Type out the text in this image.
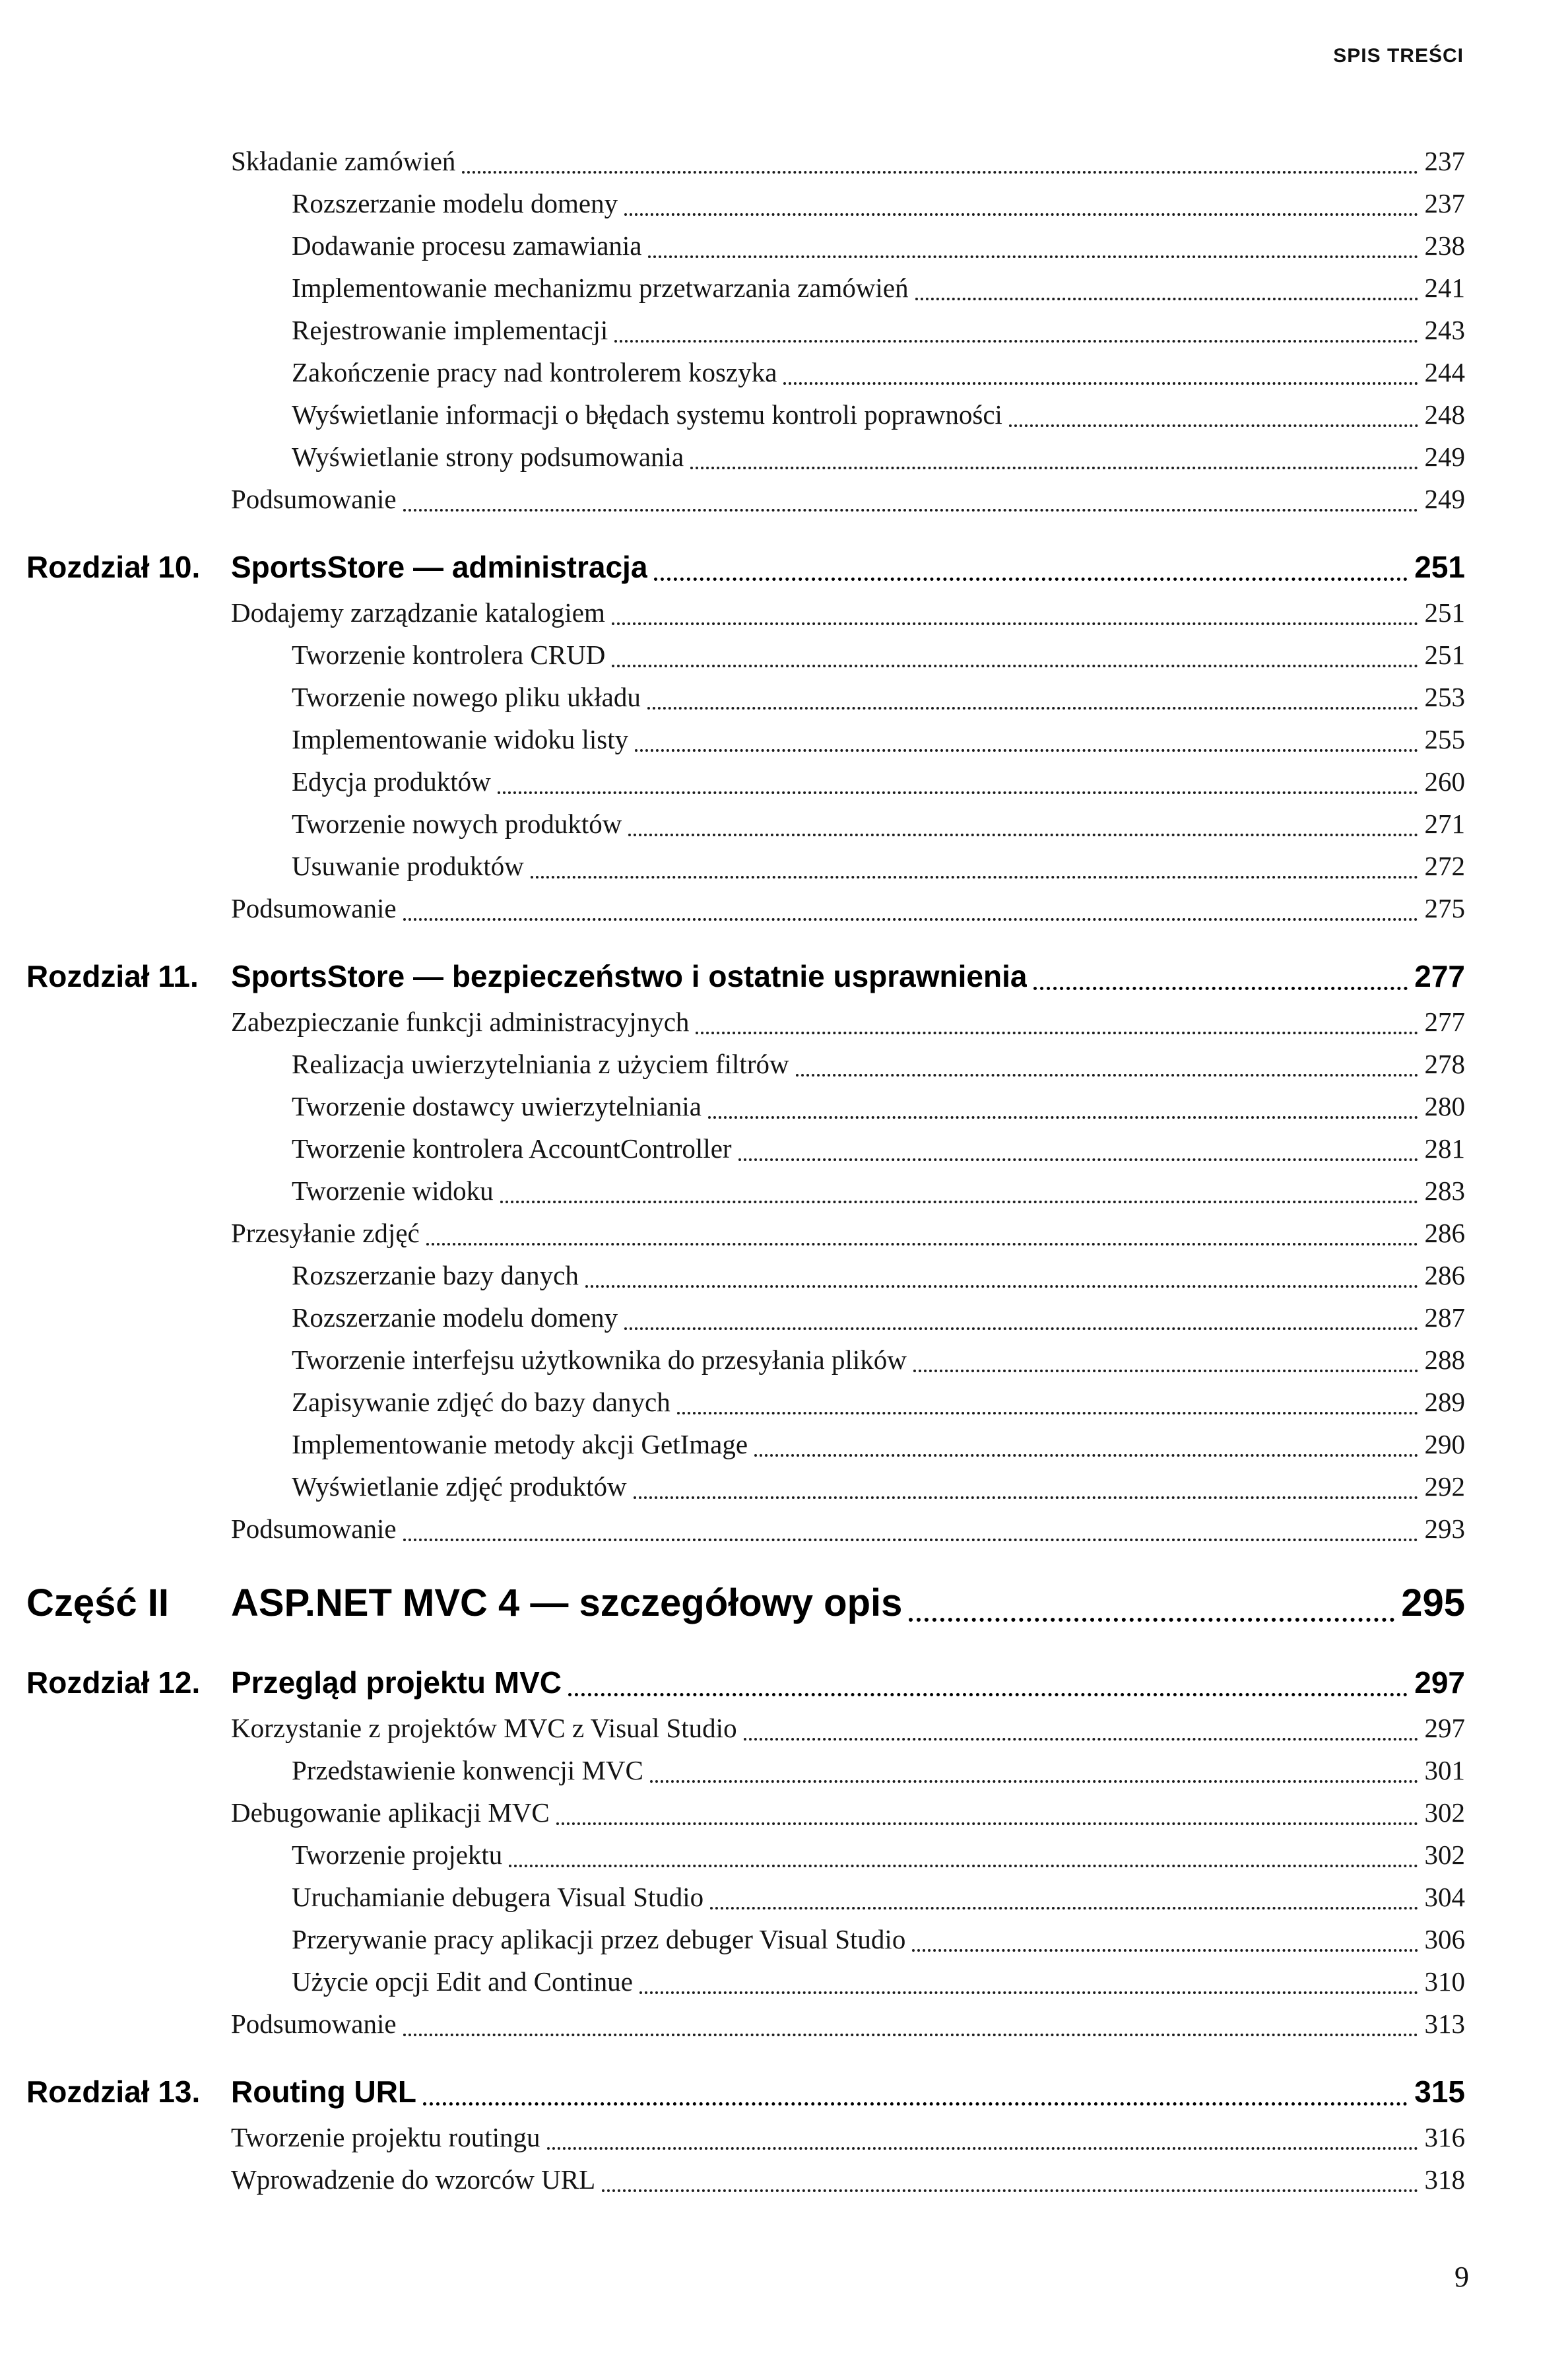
SPIS TREŚCI
Składanie zamówień	237
Rozszerzanie modelu domeny	237
Dodawanie procesu zamawiania	238
Implementowanie mechanizmu przetwarzania zamówień	241
Rejestrowanie implementacji	243
Zakończenie pracy nad kontrolerem koszyka	244
Wyświetlanie informacji o błędach systemu kontroli poprawności	248
Wyświetlanie strony podsumowania	249
Podsumowanie	249
Rozdział 10.	SportsStore — administracja	251
Dodajemy zarządzanie katalogiem	251
Tworzenie kontrolera CRUD	251
Tworzenie nowego pliku układu	253
Implementowanie widoku listy	255
Edycja produktów	260
Tworzenie nowych produktów	271
Usuwanie produktów	272
Podsumowanie	275
Rozdział 11.	SportsStore — bezpieczeństwo i ostatnie usprawnienia	277
Zabezpieczanie funkcji administracyjnych	277
Realizacja uwierzytelniania z użyciem filtrów	278
Tworzenie dostawcy uwierzytelniania	280
Tworzenie kontrolera AccountController	281
Tworzenie widoku	283
Przesyłanie zdjęć	286
Rozszerzanie bazy danych	286
Rozszerzanie modelu domeny	287
Tworzenie interfejsu użytkownika do przesyłania plików	288
Zapisywanie zdjęć do bazy danych	289
Implementowanie metody akcji GetImage	290
Wyświetlanie zdjęć produktów	292
Podsumowanie	293
Część II	ASP.NET MVC 4 — szczegółowy opis	295
Rozdział 12.	Przegląd projektu MVC	297
Korzystanie z projektów MVC z Visual Studio	297
Przedstawienie konwencji MVC	301
Debugowanie aplikacji MVC	302
Tworzenie projektu	302
Uruchamianie debugera Visual Studio	304
Przerywanie pracy aplikacji przez debuger Visual Studio	306
Użycie opcji Edit and Continue	310
Podsumowanie	313
Rozdział 13.	Routing URL	315
Tworzenie projektu routingu	316
Wprowadzenie do wzorców URL	318
9
